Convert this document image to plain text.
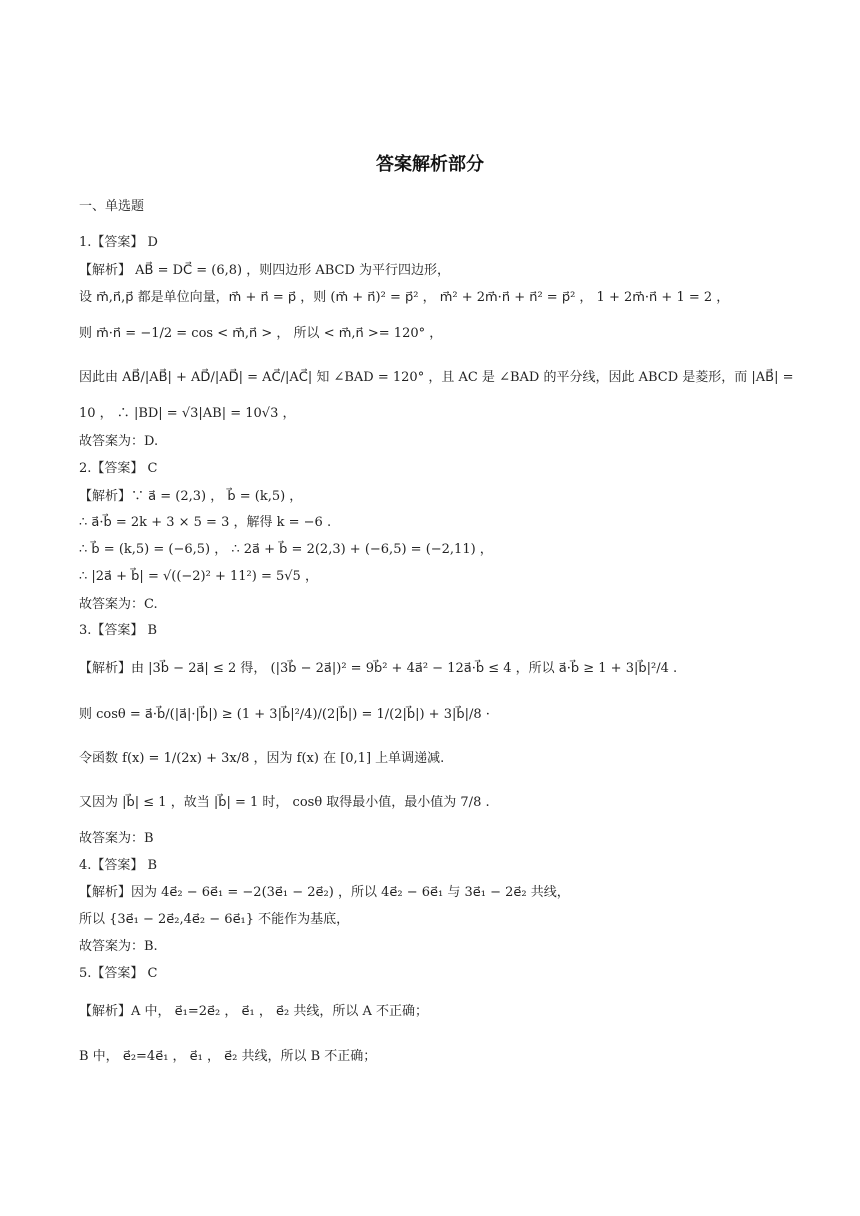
答案解析部分
一、单选题
1.【答案】 D
【解析】 AB⃗ = DC⃗ = (6,8) ，则四边形 ABCD 为平行四边形，
设 m⃗,n⃗,p⃗ 都是单位向量，m⃗ + n⃗ = p⃗ ，则 (m⃗ + n⃗)² = p⃗² ， m⃗² + 2m⃗·n⃗ + n⃗² = p⃗² ， 1 + 2m⃗·n⃗ + 1 = 2 ，
则 m⃗·n⃗ = −1/2 = cos < m⃗,n⃗ > ， 所以 < m⃗,n⃗ >= 120° ，
因此由 AB⃗/|AB⃗| + AD⃗/|AD⃗| = AC⃗/|AC⃗| 知 ∠BAD = 120° ，且 AC 是 ∠BAD 的平分线，因此 ABCD 是菱形，而 |AB⃗| =
10 ， ∴ |BD| = √3|AB| = 10√3 ，
故答案为：D.
2.【答案】 C
【解析】∵ a⃗ = (2,3) ， b⃗ = (k,5) ，
∴ a⃗·b⃗ = 2k + 3 × 5 = 3 ，解得 k = −6 .
∴ b⃗ = (k,5) = (−6,5) ， ∴ 2a⃗ + b⃗ = 2(2,3) + (−6,5) = (−2,11) ，
∴ |2a⃗ + b⃗| = √((−2)² + 11²) = 5√5 ，
故答案为：C.
3.【答案】 B
【解析】由 |3b⃗ − 2a⃗| ≤ 2 得， (|3b⃗ − 2a⃗|)² = 9b⃗² + 4a⃗² − 12a⃗·b⃗ ≤ 4 ，所以 a⃗·b⃗ ≥ 1 + 3|b⃗|²/4 .
则 cosθ = a⃗·b⃗/(|a⃗|·|b⃗|) ≥ (1 + 3|b⃗|²/4)/(2|b⃗|) = 1/(2|b⃗|) + 3|b⃗|/8 ·
令函数 f(x) = 1/(2x) + 3x/8 ，因为 f(x) 在 [0,1] 上单调递减.
又因为 |b⃗| ≤ 1 ，故当 |b⃗| = 1 时， cosθ 取得最小值，最小值为 7/8 .
故答案为：B
4.【答案】 B
【解析】因为 4e⃗₂ − 6e⃗₁ = −2(3e⃗₁ − 2e⃗₂) ，所以 4e⃗₂ − 6e⃗₁ 与 3e⃗₁ − 2e⃗₂ 共线，
所以 {3e⃗₁ − 2e⃗₂,4e⃗₂ − 6e⃗₁} 不能作为基底，
故答案为：B.
5.【答案】 C
【解析】A 中， e⃗₁=2e⃗₂ ， e⃗₁ ， e⃗₂ 共线，所以 A 不正确；
B 中， e⃗₂=4e⃗₁ ， e⃗₁ ， e⃗₂ 共线，所以 B 不正确；
